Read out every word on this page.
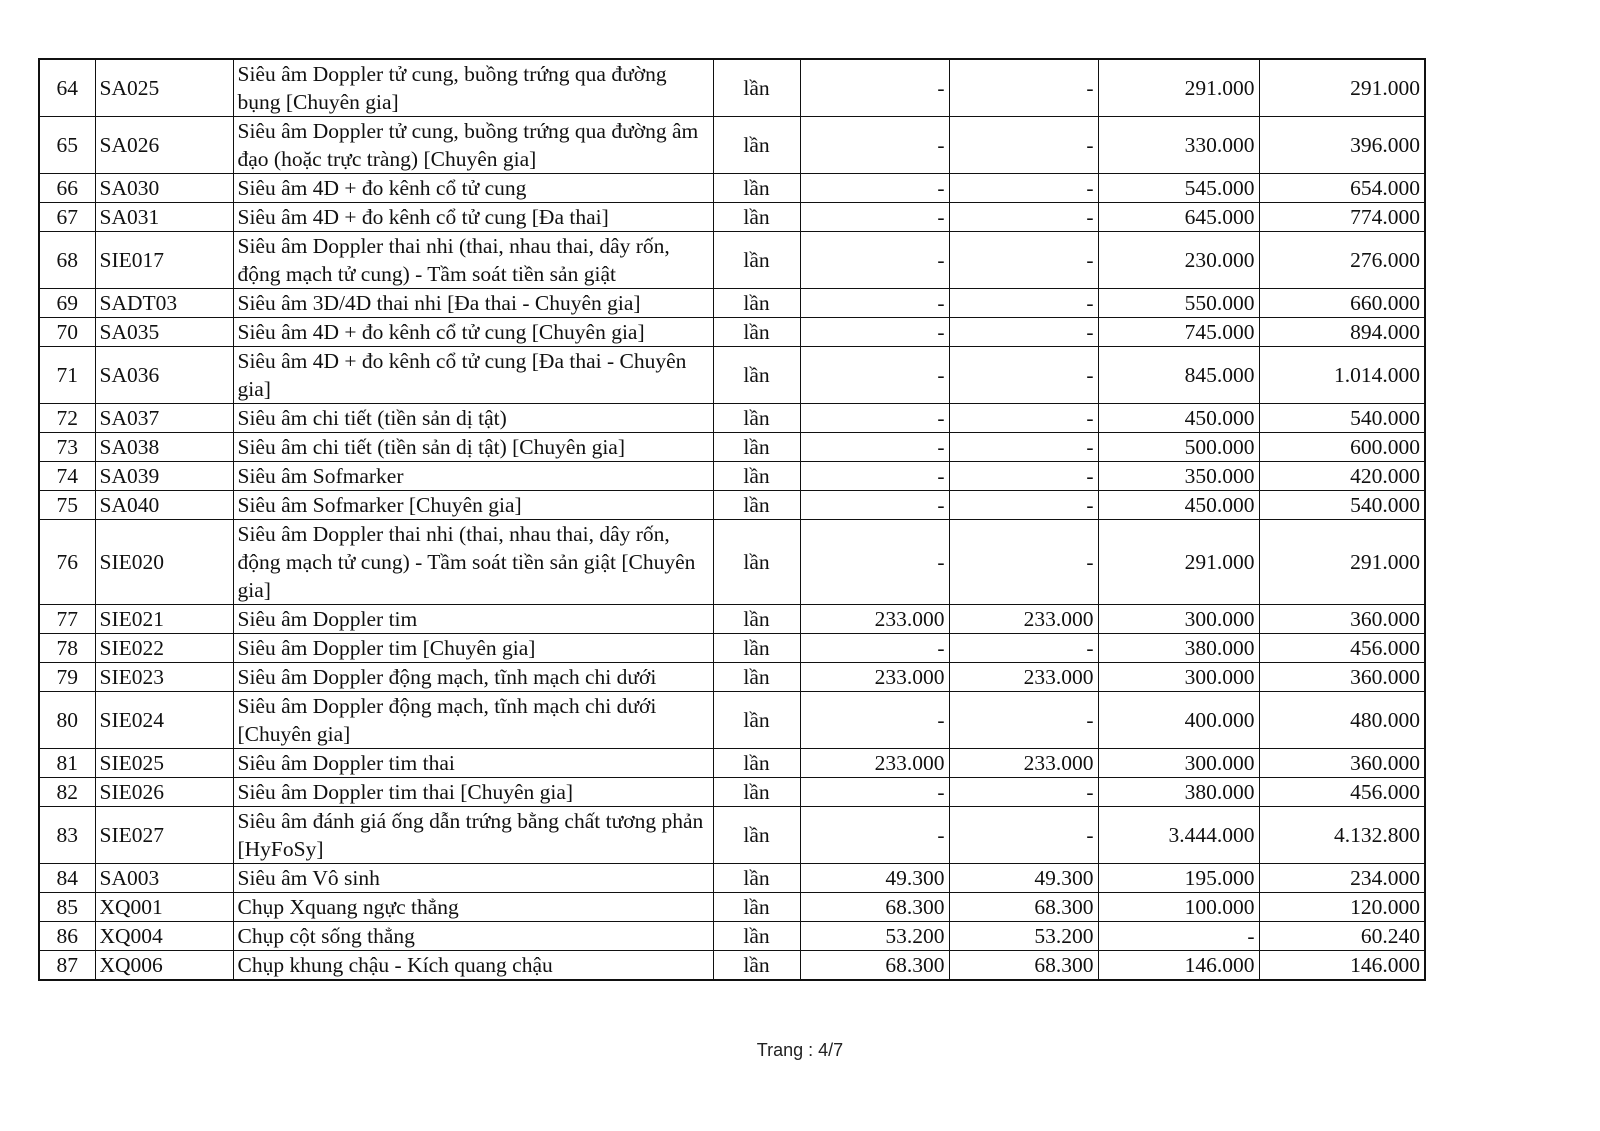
64	SA025	Siêu âm Doppler tử cung, buồng trứng qua đường bụng [Chuyên gia]	lần	-	-	291.000	291.000
65	SA026	Siêu âm Doppler tử cung, buồng trứng qua đường âm đạo (hoặc trực tràng) [Chuyên gia]	lần	-	-	330.000	396.000
66	SA030	Siêu âm 4D + đo kênh cổ tử cung	lần	-	-	545.000	654.000
67	SA031	Siêu âm 4D + đo kênh cổ tử cung [Đa thai]	lần	-	-	645.000	774.000
68	SIE017	Siêu âm Doppler thai nhi (thai, nhau thai, dây rốn, động mạch tử cung) - Tầm soát tiền sản giật	lần	-	-	230.000	276.000
69	SADT03	Siêu âm 3D/4D thai nhi [Đa thai - Chuyên gia]	lần	-	-	550.000	660.000
70	SA035	Siêu âm 4D + đo kênh cổ tử cung [Chuyên gia]	lần	-	-	745.000	894.000
71	SA036	Siêu âm 4D + đo kênh cổ tử cung [Đa thai - Chuyên gia]	lần	-	-	845.000	1.014.000
72	SA037	Siêu âm chi tiết (tiền sản dị tật)	lần	-	-	450.000	540.000
73	SA038	Siêu âm chi tiết (tiền sản dị tật) [Chuyên gia]	lần	-	-	500.000	600.000
74	SA039	Siêu âm Sofmarker	lần	-	-	350.000	420.000
75	SA040	Siêu âm Sofmarker [Chuyên gia]	lần	-	-	450.000	540.000
76	SIE020	Siêu âm Doppler thai nhi (thai, nhau thai, dây rốn, động mạch tử cung) - Tầm soát tiền sản giật [Chuyên gia]	lần	-	-	291.000	291.000
77	SIE021	Siêu âm Doppler tim	lần	233.000	233.000	300.000	360.000
78	SIE022	Siêu âm Doppler tim [Chuyên gia]	lần	-	-	380.000	456.000
79	SIE023	Siêu âm Doppler động mạch, tĩnh mạch chi dưới	lần	233.000	233.000	300.000	360.000
80	SIE024	Siêu âm Doppler động mạch, tĩnh mạch chi dưới [Chuyên gia]	lần	-	-	400.000	480.000
81	SIE025	Siêu âm Doppler tim thai	lần	233.000	233.000	300.000	360.000
82	SIE026	Siêu âm Doppler tim thai [Chuyên gia]	lần	-	-	380.000	456.000
83	SIE027	Siêu âm đánh giá ống dẫn trứng bằng chất tương phản [HyFoSy]	lần	-	-	3.444.000	4.132.800
84	SA003	Siêu âm Vô sinh	lần	49.300	49.300	195.000	234.000
85	XQ001	Chụp Xquang ngực thẳng	lần	68.300	68.300	100.000	120.000
86	XQ004	Chụp cột sống thẳng	lần	53.200	53.200	-	60.240
87	XQ006	Chụp khung chậu - Kích quang chậu	lần	68.300	68.300	146.000	146.000
Trang : 4/7
